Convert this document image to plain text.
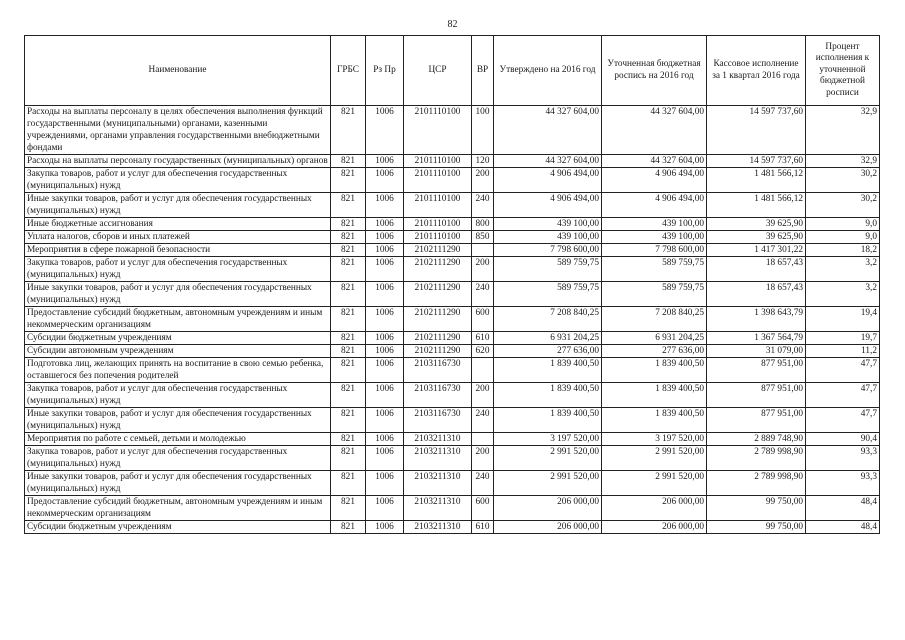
82
Наименование	ГРБС	Рз Пр	ЦСР	ВР	Утверждено на 2016 год	Уточненная бюджетная роспись на 2016 год	Кассовое исполнение за 1 квартал 2016 года	Процент исполнения к уточненной бюджетной росписи
Расходы на выплаты персоналу в целях обеспечения выполнения функций государственными (муниципальными) органами, казенными учреждениями, органами управления государственными внебюджетными фондами	821	1006	2101110100	100	44 327 604,00	44 327 604,00	14 597 737,60	32,9
Расходы на выплаты персоналу государственных (муниципальных) органов	821	1006	2101110100	120	44 327 604,00	44 327 604,00	14 597 737,60	32,9
Закупка товаров, работ и услуг для обеспечения государственных (муниципальных) нужд	821	1006	2101110100	200	4 906 494,00	4 906 494,00	1 481 566,12	30,2
Иные закупки товаров, работ и услуг для обеспечения государственных (муниципальных) нужд	821	1006	2101110100	240	4 906 494,00	4 906 494,00	1 481 566,12	30,2
Иные бюджетные ассигнования	821	1006	2101110100	800	439 100,00	439 100,00	39 625,90	9,0
Уплата налогов, сборов и иных платежей	821	1006	2101110100	850	439 100,00	439 100,00	39 625,90	9,0
Мероприятия в сфере пожарной безопасности	821	1006	2102111290		7 798 600,00	7 798 600,00	1 417 301,22	18,2
Закупка товаров, работ и услуг для обеспечения государственных (муниципальных) нужд	821	1006	2102111290	200	589 759,75	589 759,75	18 657,43	3,2
Иные закупки товаров, работ и услуг для обеспечения государственных (муниципальных) нужд	821	1006	2102111290	240	589 759,75	589 759,75	18 657,43	3,2
Предоставление субсидий бюджетным, автономным учреждениям и иным некоммерческим организациям	821	1006	2102111290	600	7 208 840,25	7 208 840,25	1 398 643,79	19,4
Субсидии бюджетным учреждениям	821	1006	2102111290	610	6 931 204,25	6 931 204,25	1 367 564,79	19,7
Субсидии автономным учреждениям	821	1006	2102111290	620	277 636,00	277 636,00	31 079,00	11,2
Подготовка лиц, желающих принять на воспитание в свою семью ребенка, оставшегося без попечения родителей	821	1006	2103116730		1 839 400,50	1 839 400,50	877 951,00	47,7
Закупка товаров, работ и услуг для обеспечения государственных (муниципальных) нужд	821	1006	2103116730	200	1 839 400,50	1 839 400,50	877 951,00	47,7
Иные закупки товаров, работ и услуг для обеспечения государственных (муниципальных) нужд	821	1006	2103116730	240	1 839 400,50	1 839 400,50	877 951,00	47,7
Мероприятия по работе с семьей, детьми и молодежью	821	1006	2103211310		3 197 520,00	3 197 520,00	2 889 748,90	90,4
Закупка товаров, работ и услуг для обеспечения государственных (муниципальных) нужд	821	1006	2103211310	200	2 991 520,00	2 991 520,00	2 789 998,90	93,3
Иные закупки товаров, работ и услуг для обеспечения государственных (муниципальных) нужд	821	1006	2103211310	240	2 991 520,00	2 991 520,00	2 789 998,90	93,3
Предоставление субсидий бюджетным, автономным учреждениям и иным некоммерческим организациям	821	1006	2103211310	600	206 000,00	206 000,00	99 750,00	48,4
Субсидии бюджетным учреждениям	821	1006	2103211310	610	206 000,00	206 000,00	99 750,00	48,4
